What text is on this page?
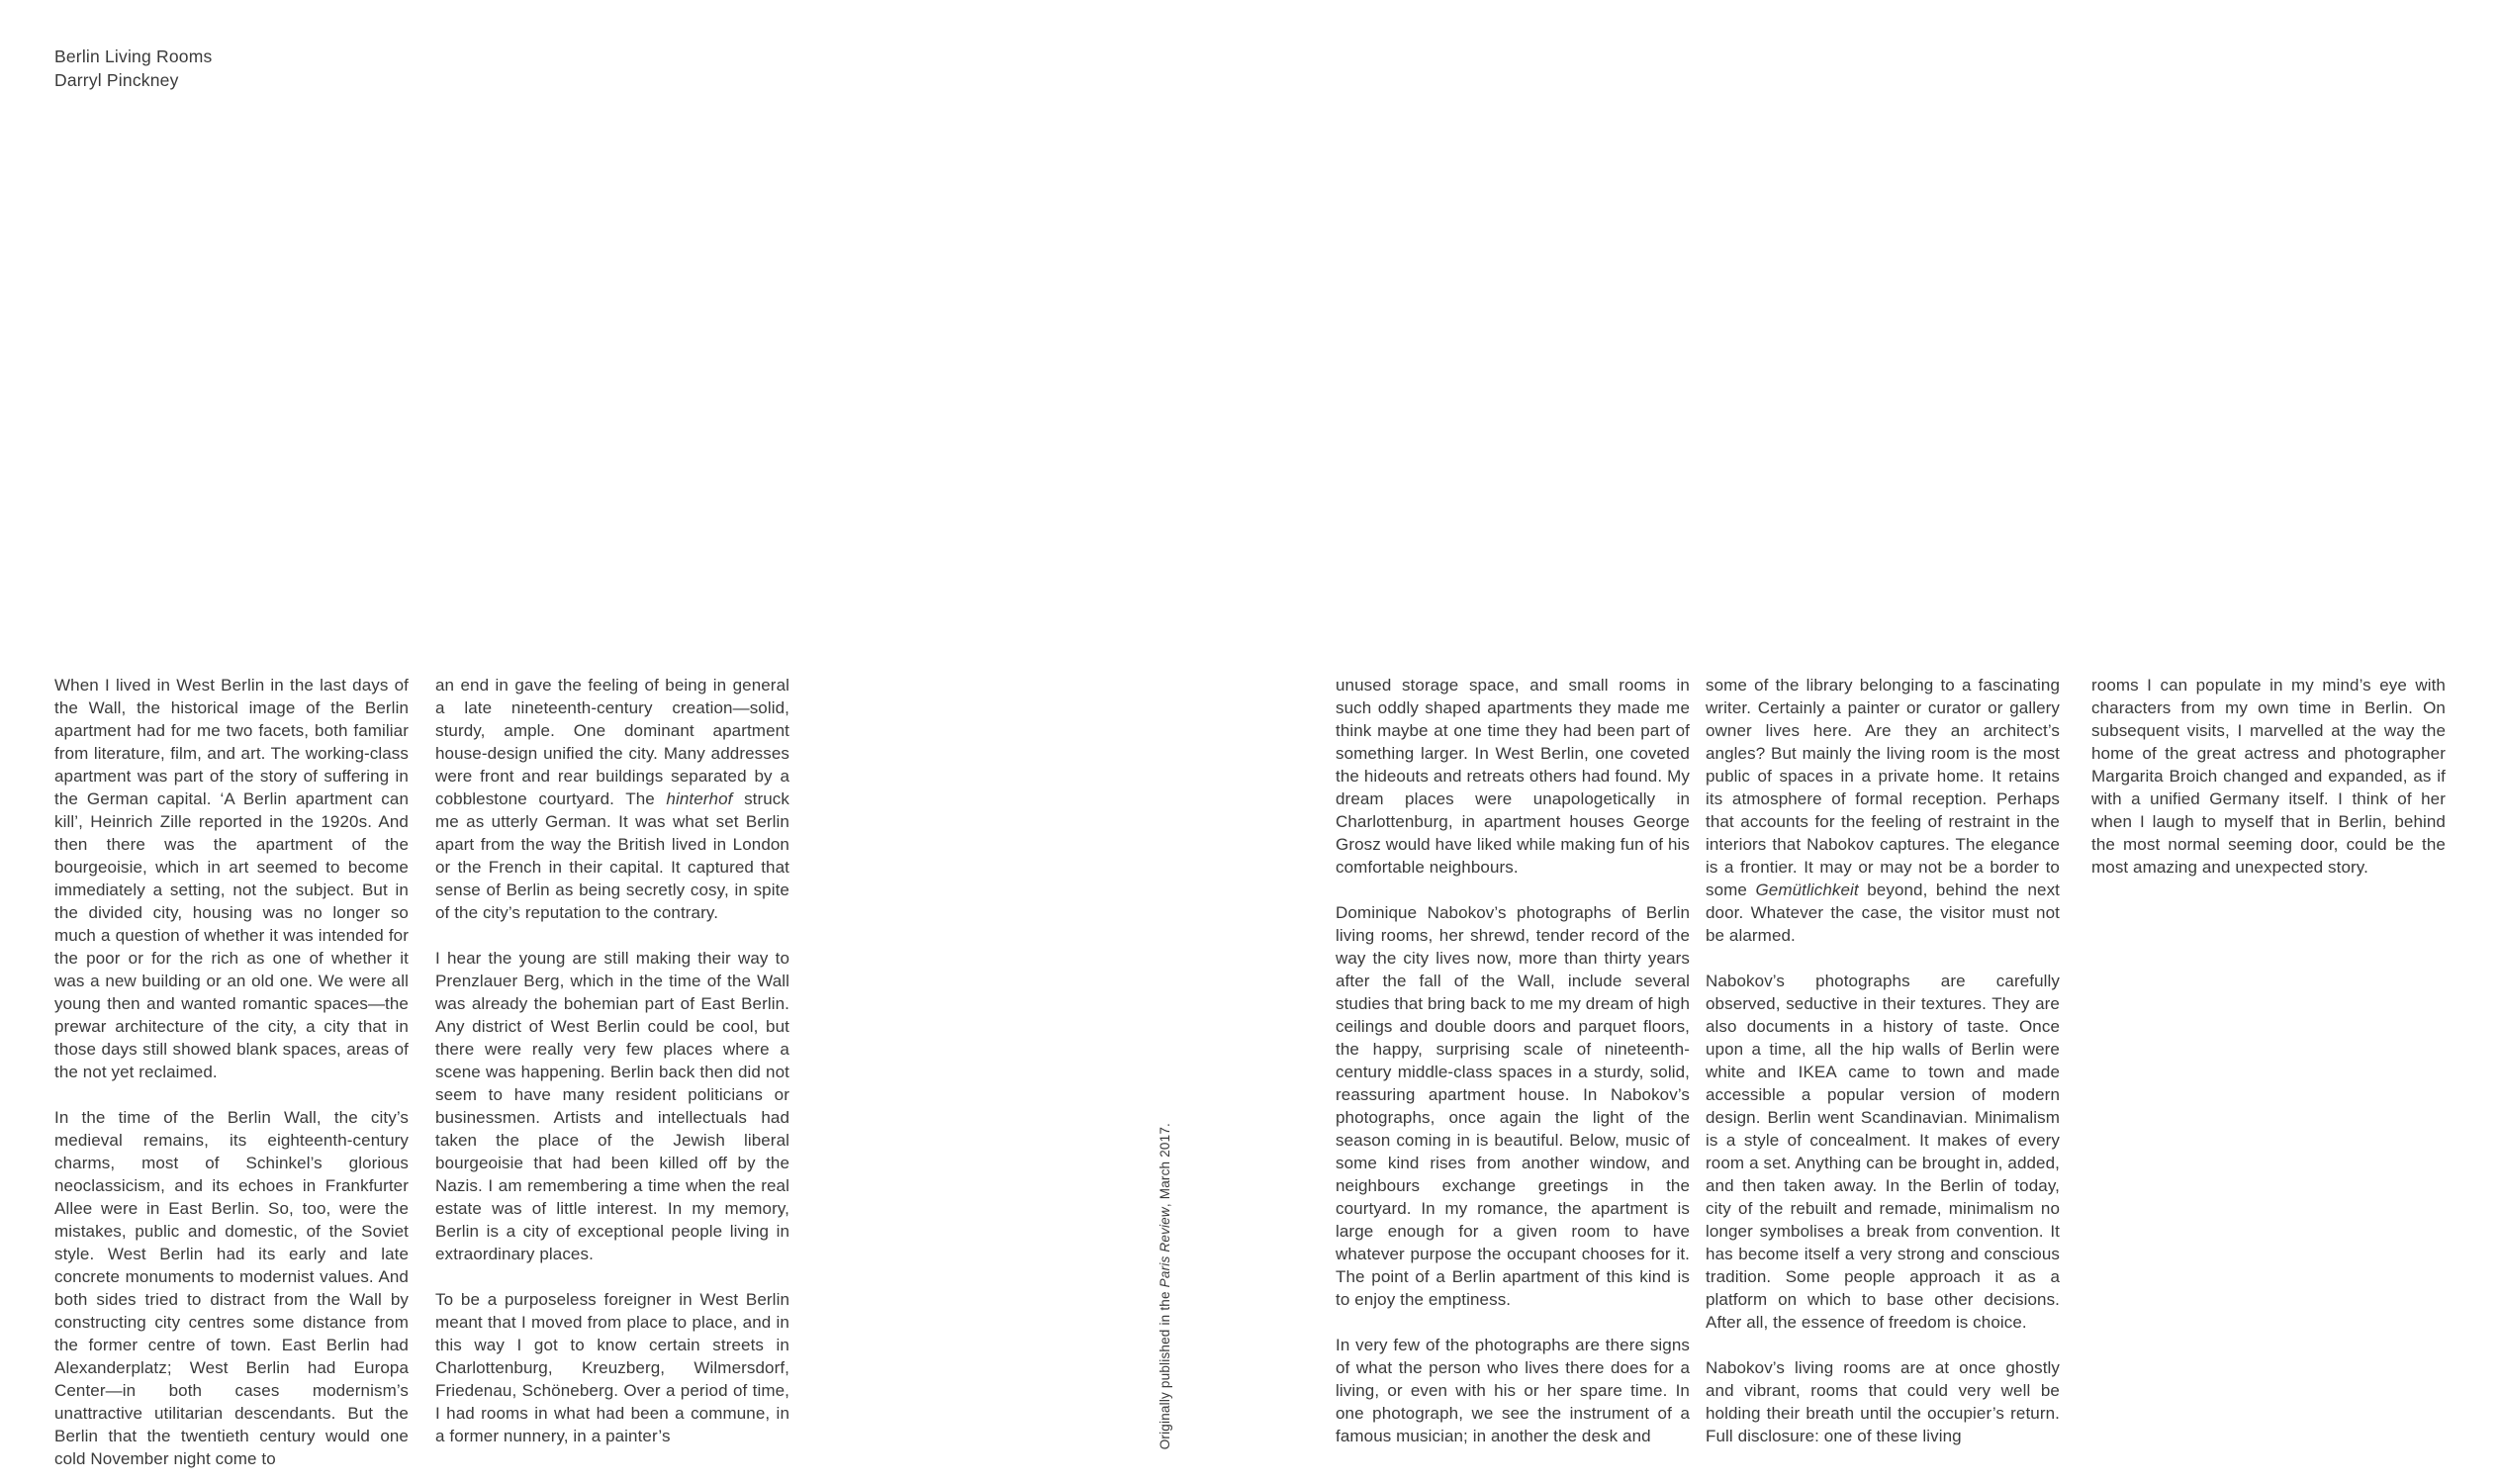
Berlin Living Rooms
Darryl Pinckney

When I lived in West Berlin in the last days of the Wall, the historical image of the Berlin apartment had for me two facets, both familiar from literature, film, and art. The working-class apartment was part of the story of suffering in the German capital. ‘A Berlin apartment can kill’, Heinrich Zille reported in the 1920s. And then there was the apartment of the bourgeoisie, which in art seemed to become immediately a setting, not the subject. But in the divided city, housing was no longer so much a question of whether it was intended for the poor or for the rich as one of whether it was a new building or an old one. We were all young then and wanted romantic spaces—the prewar architecture of the city, a city that in those days still showed blank spaces, areas of the not yet reclaimed.

In the time of the Berlin Wall, the city’s medieval remains, its eighteenth-century charms, most of Schinkel’s glorious neoclassicism, and its echoes in Frankfurter Allee were in East Berlin. So, too, were the mistakes, public and domestic, of the Soviet style. West Berlin had its early and late concrete monuments to modernist values. And both sides tried to distract from the Wall by constructing city centres some distance from the former centre of town. East Berlin had Alexanderplatz; West Berlin had Europa Center—in both cases modernism’s unattractive utilitarian descendants. But the Berlin that the twentieth century would one cold November night come to

an end in gave the feeling of being in general a late nineteenth-century creation—solid, sturdy, ample. One dominant apartment house-design unified the city. Many addresses were front and rear buildings separated by a cobblestone courtyard. The hinterhof struck me as utterly German. It was what set Berlin apart from the way the British lived in London or the French in their capital. It captured that sense of Berlin as being secretly cosy, in spite of the city’s reputation to the contrary.

I hear the young are still making their way to Prenzlauer Berg, which in the time of the Wall was already the bohemian part of East Berlin. Any district of West Berlin could be cool, but there were really very few places where a scene was happening. Berlin back then did not seem to have many resident politicians or businessmen. Artists and intellectuals had taken the place of the Jewish liberal bourgeoisie that had been killed off by the Nazis. I am remembering a time when the real estate was of little interest. In my memory, Berlin is a city of exceptional people living in extraordinary places.

To be a purposeless foreigner in West Berlin meant that I moved from place to place, and in this way I got to know certain streets in Charlottenburg, Kreuzberg, Wilmersdorf, Friedenau, Schöneberg. Over a period of time, I had rooms in what had been a commune, in a former nunnery, in a painter’s	Originally published in the Paris Review, March 2017.

unused storage space, and small rooms in such oddly shaped apartments they made me think maybe at one time they had been part of something larger. In West Berlin, one coveted the hideouts and retreats others had found. My dream places were unapologetically in Charlottenburg, in apartment houses George Grosz would have liked while making fun of his comfortable neighbours.

Dominique Nabokov’s photographs of Berlin living rooms, her shrewd, tender record of the way the city lives now, more than thirty years after the fall of the Wall, include several studies that bring back to me my dream of high ceilings and double doors and parquet floors, the happy, surprising scale of nineteenth-century middle-class spaces in a sturdy, solid, reassuring apartment house. In Nabokov’s photographs, once again the light of the season coming in is beautiful. Below, music of some kind rises from another window, and neighbours exchange greetings in the courtyard. In my romance, the apartment is large enough for a given room to have whatever purpose the occupant chooses for it. The point of a Berlin apartment of this kind is to enjoy the emptiness.

In very few of the photographs are there signs of what the person who lives there does for a living, or even with his or her spare time. In one photograph, we see the instrument of a famous musician; in another the desk and

some of the library belonging to a fascinating writer. Certainly a painter or curator or gallery owner lives here. Are they an architect’s angles? But mainly the living room is the most public of spaces in a private home. It retains its atmosphere of formal reception. Perhaps that accounts for the feeling of restraint in the interiors that Nabokov captures. The elegance is a frontier. It may or may not be a border to some Gemütlichkeit beyond, behind the next door. Whatever the case, the visitor must not be alarmed.

Nabokov’s photographs are carefully observed, seductive in their textures. They are also documents in a history of taste. Once upon a time, all the hip walls of Berlin were white and IKEA came to town and made accessible a popular version of modern design. Berlin went Scandinavian. Minimalism is a style of concealment. It makes of every room a set. Anything can be brought in, added, and then taken away. In the Berlin of today, city of the rebuilt and remade, minimalism no longer symbolises a break from convention. It has become itself a very strong and conscious tradition. Some people approach it as a platform on which to base other decisions. After all, the essence of freedom is choice.

Nabokov’s living rooms are at once ghostly and vibrant, rooms that could very well be holding their breath until the occupier’s return. Full disclosure: one of these living

rooms I can populate in my mind’s eye with characters from my own time in Berlin. On subsequent visits, I marvelled at the way the home of the great actress and photographer Margarita Broich changed and expanded, as if with a unified Germany itself. I think of her when I laugh to myself that in Berlin, behind the most normal seeming door, could be the most amazing and unexpected story.
